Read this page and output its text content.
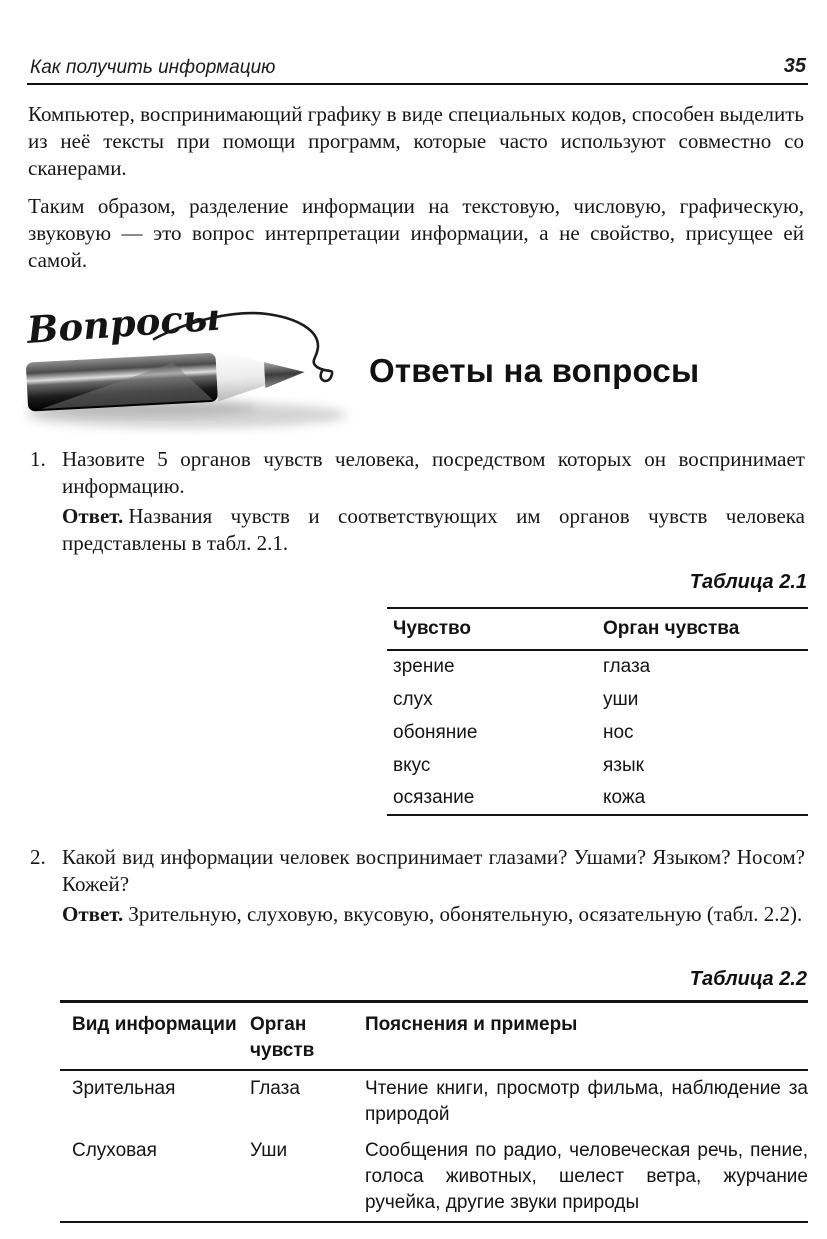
Как получить информацию	35

Компьютер, воспринимающий графику в виде специальных кодов, способен выделить из неё тексты при помощи программ, которые часто используют совместно со сканерами.

Таким образом, разделение информации на текстовую, числовую, графическую, звуковую — это вопрос интерпретации информации, а не свойство, присущее ей самой.

Вопросы
Ответы на вопросы
1. Назовите 5 органов чувств человека, посредством которых он воспринимает информацию.

Ответ. Названия чувств и соответствующих им органов чувств человека представлены в табл. 2.1.

Таблица 2.1
Чувство	Орган чувства
зрение	глаза
слух	уши
обоняние	нос
вкус	язык
осязание	кожа
2. Какой вид информации человек воспринимает глазами? Ушами? Языком? Носом? Кожей?

Ответ. Зрительную, слуховую, вкусовую, обонятельную, осязательную (табл. 2.2).

Таблица 2.2
Вид информации	Орган чувств	Пояснения и примеры
Зрительная	Глаза	Чтение книги, просмотр фильма, наблюдение за природой
Слуховая	Уши	Сообщения по радио, человеческая речь, пение, голоса животных, шелест ветра, журчание ручейка, другие звуки природы
